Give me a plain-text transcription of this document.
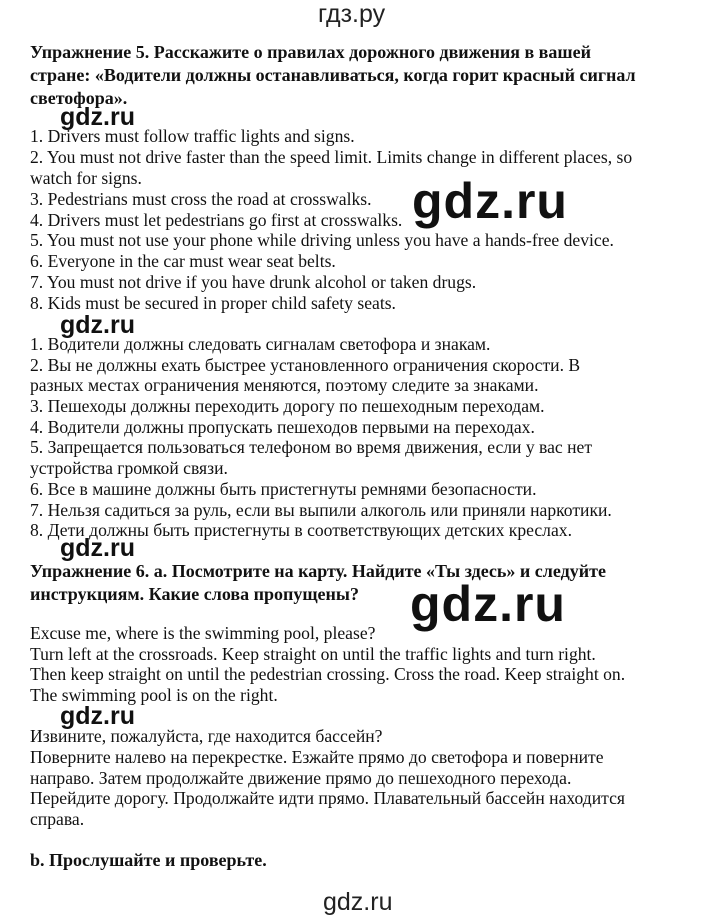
гдз.ру
Упражнение 5. Расскажите о правилах дорожного движения в вашей
стране: «Водители должны останавливаться, когда горит красный сигнал
светофора».
gdz.ru
1. Drivers must follow traffic lights and signs.
2. You must not drive faster than the speed limit. Limits change in different places, so
watch for signs.
3. Pedestrians must cross the road at crosswalks.
4. Drivers must let pedestrians go first at crosswalks.
5. You must not use your phone while driving unless you have a hands-free device.
6. Everyone in the car must wear seat belts.
7. You must not drive if you have drunk alcohol or taken drugs.
8. Kids must be secured in proper child safety seats.
gdz.ru
gdz.ru
1. Водители должны следовать сигналам светофора и знакам.
2. Вы не должны ехать быстрее установленного ограничения скорости. В
разных местах ограничения меняются, поэтому следите за знаками.
3. Пешеходы должны переходить дорогу по пешеходным переходам.
4. Водители должны пропускать пешеходов первыми на переходах.
5. Запрещается пользоваться телефоном во время движения, если у вас нет
устройства громкой связи.
6. Все в машине должны быть пристегнуты ремнями безопасности.
7. Нельзя садиться за руль, если вы выпили алкоголь или приняли наркотики.
8. Дети должны быть пристегнуты в соответствующих детских креслах.
gdz.ru
Упражнение 6. a. Посмотрите на карту. Найдите «Ты здесь» и следуйте
инструкциям. Какие слова пропущены? gdz.ru
Excuse me, where is the swimming pool, please?
Turn left at the crossroads. Keep straight on until the traffic lights and turn right.
Then keep straight on until the pedestrian crossing. Cross the road. Keep straight on.
The swimming pool is on the right.
gdz.ru
Извините, пожалуйста, где находится бассейн?
Поверните налево на перекрестке. Езжайте прямо до светофора и поверните
направо. Затем продолжайте движение прямо до пешеходного перехода.
Перейдите дорогу. Продолжайте идти прямо. Плавательный бассейн находится
справа.
b. Прослушайте и проверьте.
gdz.ru
